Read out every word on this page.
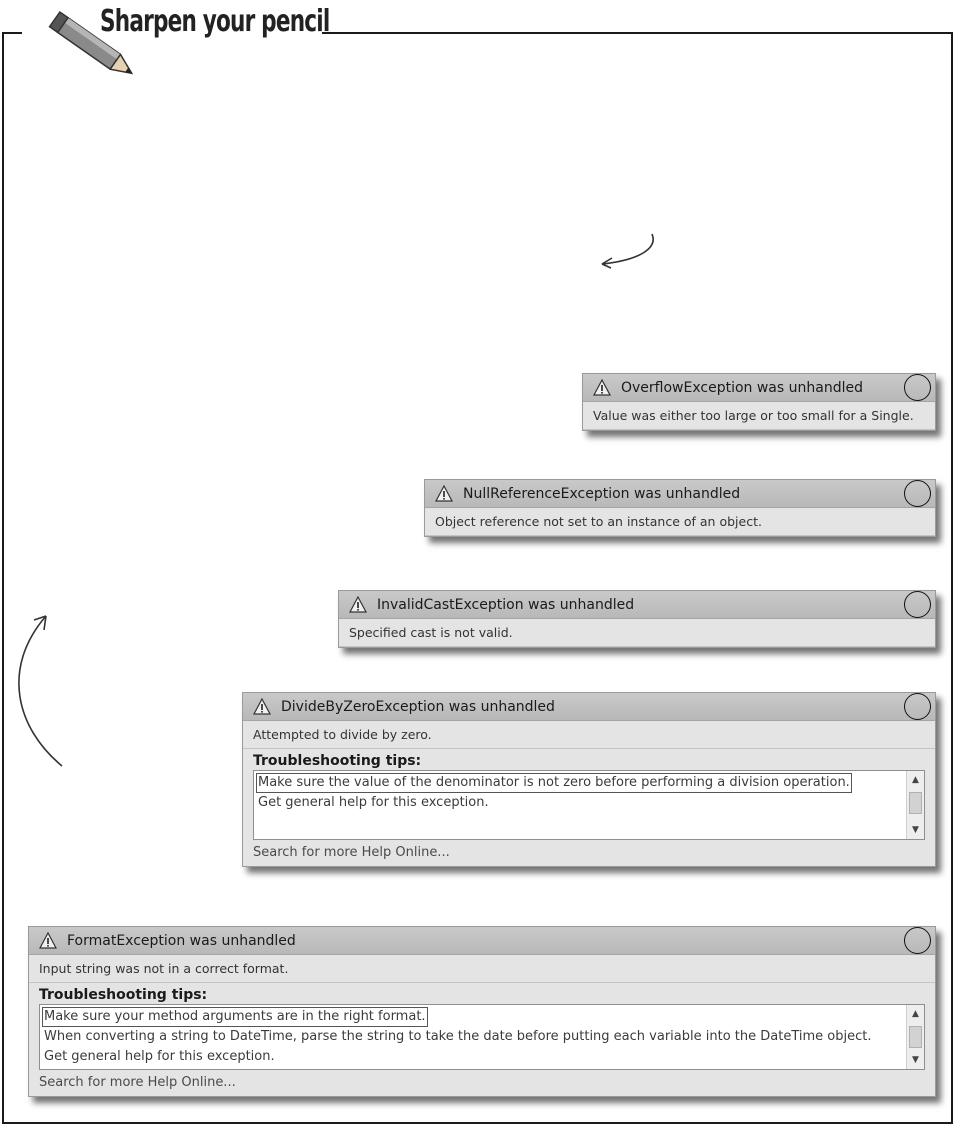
Sharpen your pencil
OverflowException was unhandled
Value was either too large or too small for a Single.
NullReferenceException was unhandled
Object reference not set to an instance of an object.
InvalidCastException was unhandled
Specified cast is not valid.
DivideByZeroException was unhandled
Attempted to divide by zero.
Troubleshooting tips:
Make sure the value of the denominator is not zero before performing a division operation.
Get general help for this exception.
▲
▼
Search for more Help Online...
FormatException was unhandled
Input string was not in a correct format.
Troubleshooting tips:
Make sure your method arguments are in the right format.
When converting a string to DateTime, parse the string to take the date before putting each variable into the DateTime object.
Get general help for this exception.
▲
▼
Search for more Help Online...
